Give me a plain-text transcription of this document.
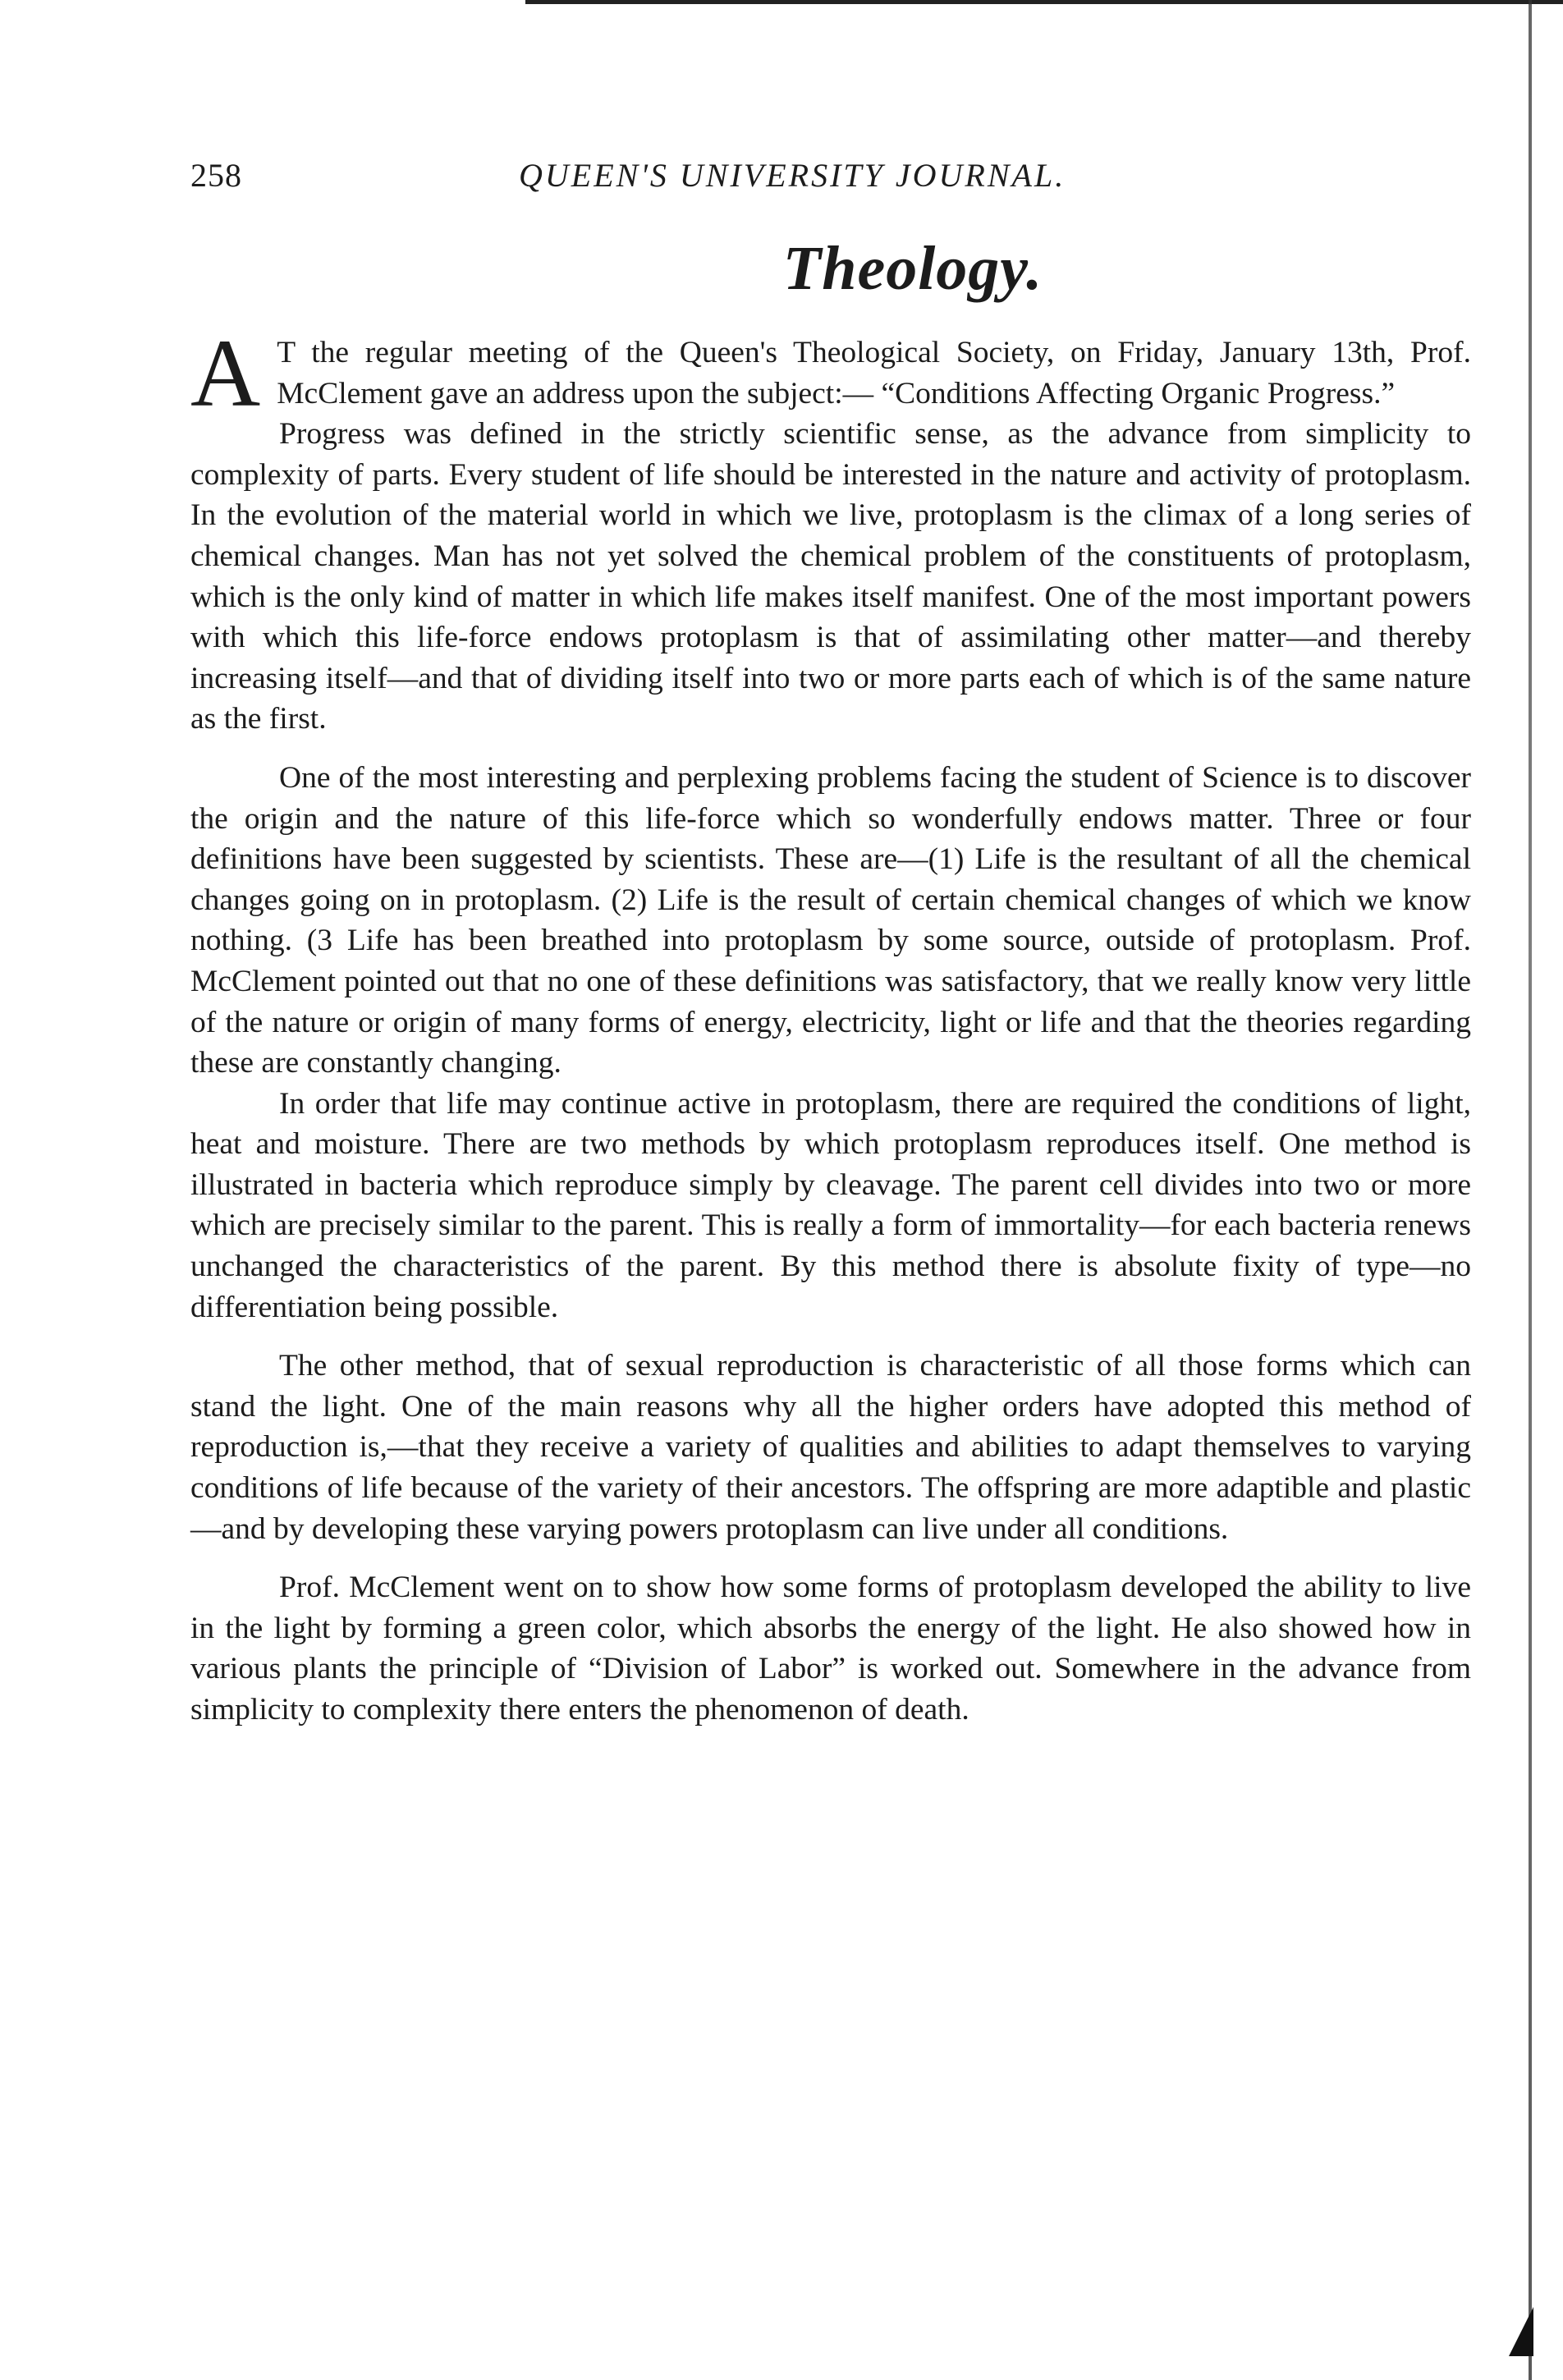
258	QUEEN'S UNIVERSITY JOURNAL.
Theology.

A T the regular meeting of the Queen's Theological Society, on Friday, January 13th, Prof. McClement gave an address upon the subject:— “Conditions Affecting Organic Progress.”

Progress was defined in the strictly scientific sense, as the advance from simplicity to complexity of parts. Every student of life should be interested in the nature and activity of protoplasm. In the evolution of the material world in which we live, protoplasm is the climax of a long series of chemical changes. Man has not yet solved the chemical problem of the constituents of protoplasm, which is the only kind of matter in which life makes itself manifest. One of the most important powers with which this life-force endows protoplasm is that of assimilating other matter—and thereby increasing itself—and that of dividing itself into two or more parts each of which is of the same nature as the first.

One of the most interesting and perplexing problems facing the student of Science is to discover the origin and the nature of this life-force which so wonderfully endows matter. Three or four definitions have been suggested by scientists. These are—(1) Life is the resultant of all the chemical changes going on in protoplasm. (2) Life is the result of certain chemical changes of which we know nothing. (3 Life has been breathed into protoplasm by some source, outside of protoplasm. Prof. McClement pointed out that no one of these definitions was satisfactory, that we really know very little of the nature or origin of many forms of energy, electricity, light or life and that the theories regarding these are constantly changing.

In order that life may continue active in protoplasm, there are required the conditions of light, heat and moisture. There are two methods by which protoplasm reproduces itself. One method is illustrated in bacteria which reproduce simply by cleavage. The parent cell divides into two or more which are precisely similar to the parent. This is really a form of immortality—for each bacteria renews unchanged the characteristics of the parent. By this method there is absolute fixity of type—no differentiation being possible.

The other method, that of sexual reproduction is characteristic of all those forms which can stand the light. One of the main reasons why all the higher orders have adopted this method of reproduction is,—that they receive a variety of qualities and abilities to adapt themselves to varying conditions of life because of the variety of their ancestors. The offspring are more adaptible and plastic—and by developing these varying powers protoplasm can live under all conditions.

Prof. McClement went on to show how some forms of protoplasm developed the ability to live in the light by forming a green color, which absorbs the energy of the light. He also showed how in various plants the principle of “Division of Labor” is worked out. Somewhere in the advance from simplicity to complexity there enters the phenomenon of death.
